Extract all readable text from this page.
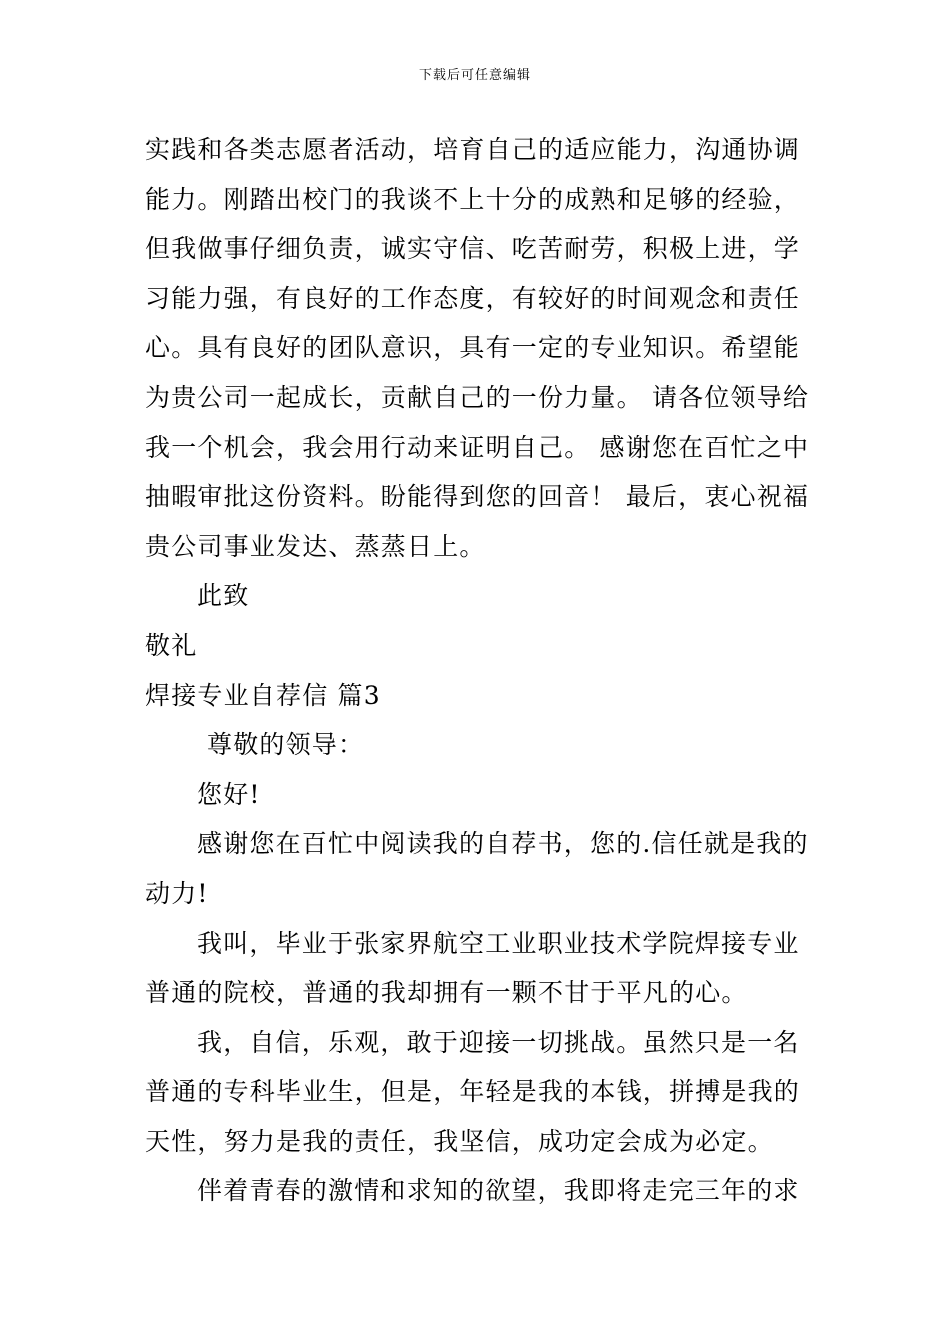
下载后可任意编辑
实践和各类志愿者活动，培育自己的适应能力，沟通协调
能力。刚踏出校门的我谈不上十分的成熟和足够的经验，
但我做事仔细负责，诚实守信、吃苦耐劳，积极上进，学
习能力强，有良好的工作态度，有较好的时间观念和责任
心。具有良好的团队意识，具有一定的专业知识。希望能
为贵公司一起成长，贡献自己的一份力量。 请各位领导给
我一个机会，我会用行动来证明自己。 感谢您在百忙之中
抽暇审批这份资料。盼能得到您的回音！ 最后，衷心祝福
贵公司事业发达、蒸蒸日上。
此致
敬礼
焊接专业自荐信 篇3
尊敬的领导：
您好!
感谢您在百忙中阅读我的自荐书，您的.信任就是我的
动力!
我叫，毕业于张家界航空工业职业技术学院焊接专业
普通的院校，普通的我却拥有一颗不甘于平凡的心。
我，自信，乐观，敢于迎接一切挑战。虽然只是一名
普通的专科毕业生，但是，年轻是我的本钱，拼搏是我的
天性，努力是我的责任，我坚信，成功定会成为必定。
伴着青春的激情和求知的欲望，我即将走完三年的求
